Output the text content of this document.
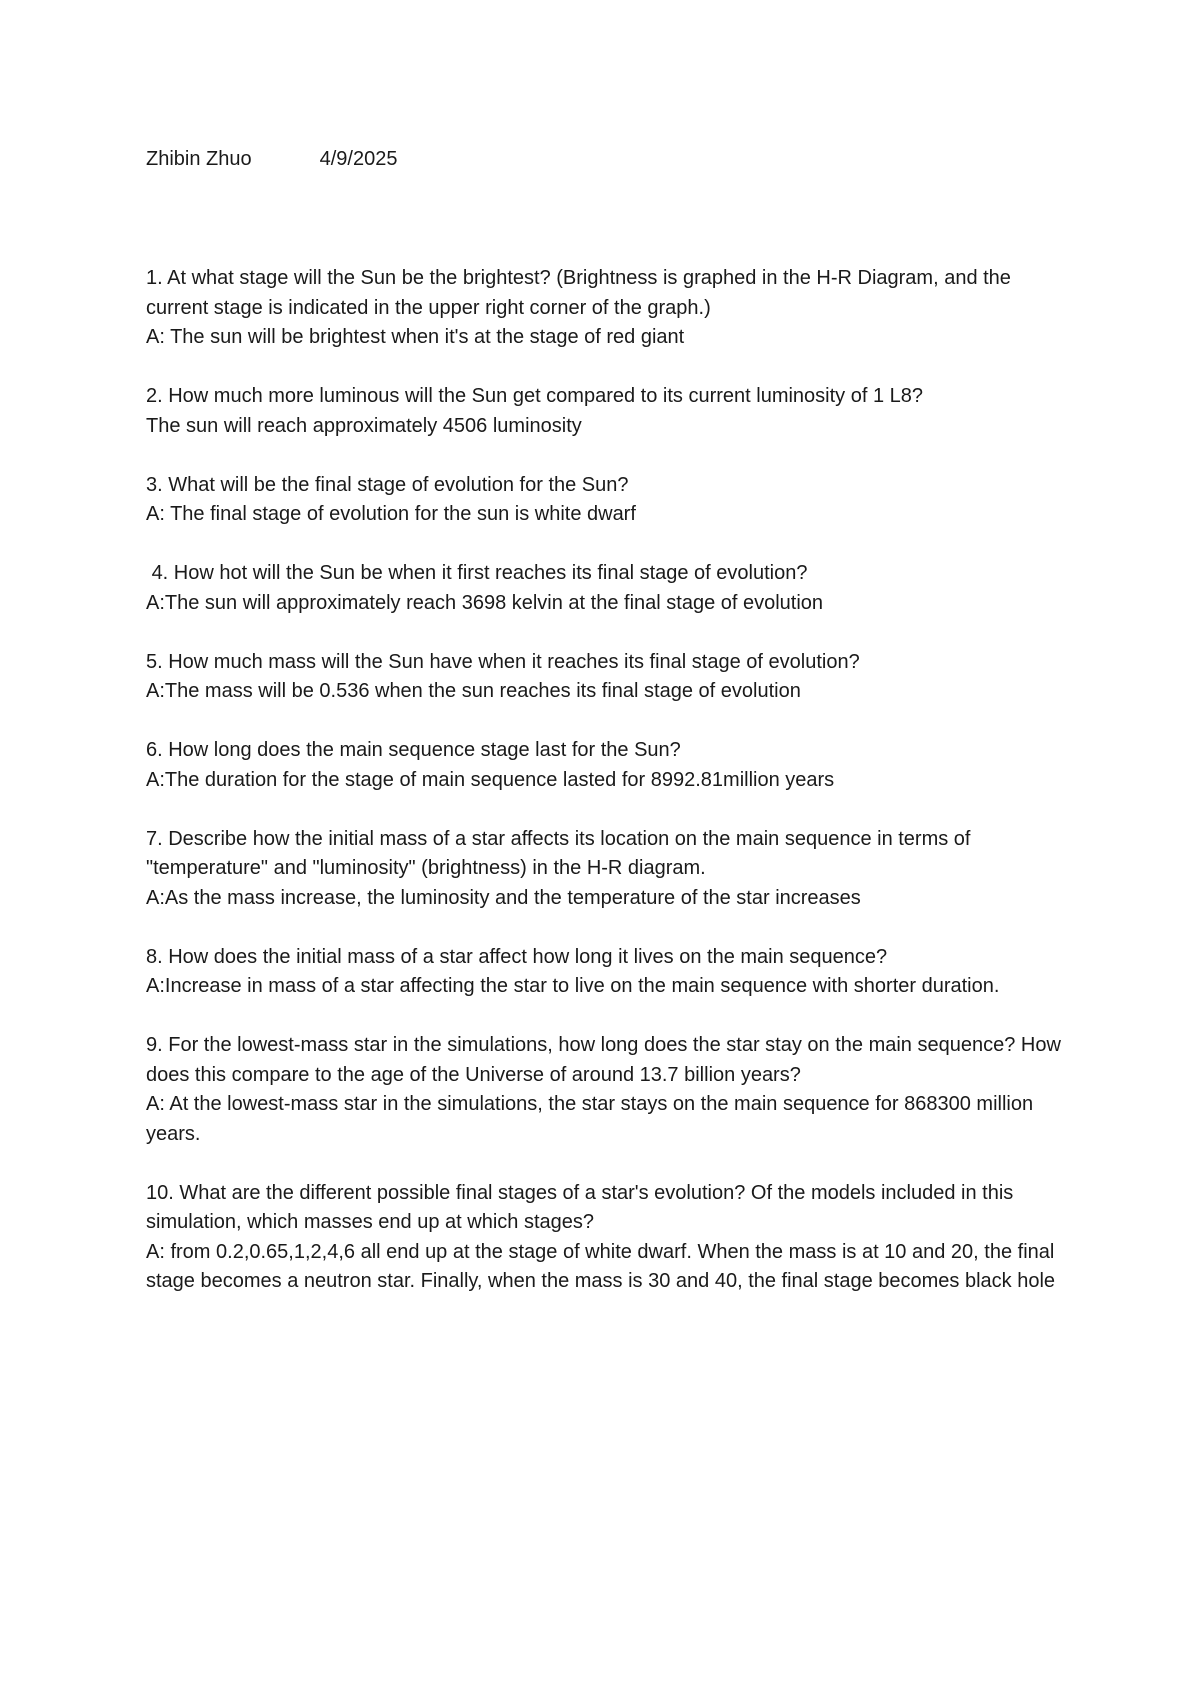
Zhibin Zhuo	4/9/2025

1. At what stage will the Sun be the brightest? (Brightness is graphed in the H-R Diagram, and the current stage is indicated in the upper right corner of the graph.)

A: The sun will be brightest when it's at the stage of red giant

2. How much more luminous will the Sun get compared to its current luminosity of 1 L8?

The sun will reach approximately 4506 luminosity

3. What will be the final stage of evolution for the Sun?

A: The final stage of evolution for the sun is white dwarf

4. How hot will the Sun be when it first reaches its final stage of evolution?

A:The sun will approximately reach 3698 kelvin at the final stage of evolution

5. How much mass will the Sun have when it reaches its final stage of evolution?

A:The mass will be 0.536 when the sun reaches its final stage of evolution

6. How long does the main sequence stage last for the Sun?

A:The duration for the stage of main sequence lasted for 8992.81million years

7. Describe how the initial mass of a star affects its location on the main sequence in terms of "temperature" and "luminosity" (brightness) in the H-R diagram.

A:As the mass increase, the luminosity and the temperature of the star increases

8. How does the initial mass of a star affect how long it lives on the main sequence?

A:Increase in mass of a star affecting the star to live on the main sequence with shorter duration.

9. For the lowest-mass star in the simulations, how long does the star stay on the main sequence? How does this compare to the age of the Universe of around 13.7 billion years?

A: At the lowest-mass star in the simulations, the star stays on the main sequence for 868300 million years.

10. What are the different possible final stages of a star's evolution? Of the models included in this simulation, which masses end up at which stages?

A: from 0.2,0.65,1,2,4,6 all end up at the stage of white dwarf. When the mass is at 10 and 20, the final stage becomes a neutron star. Finally, when the mass is 30 and 40, the final stage becomes black hole
